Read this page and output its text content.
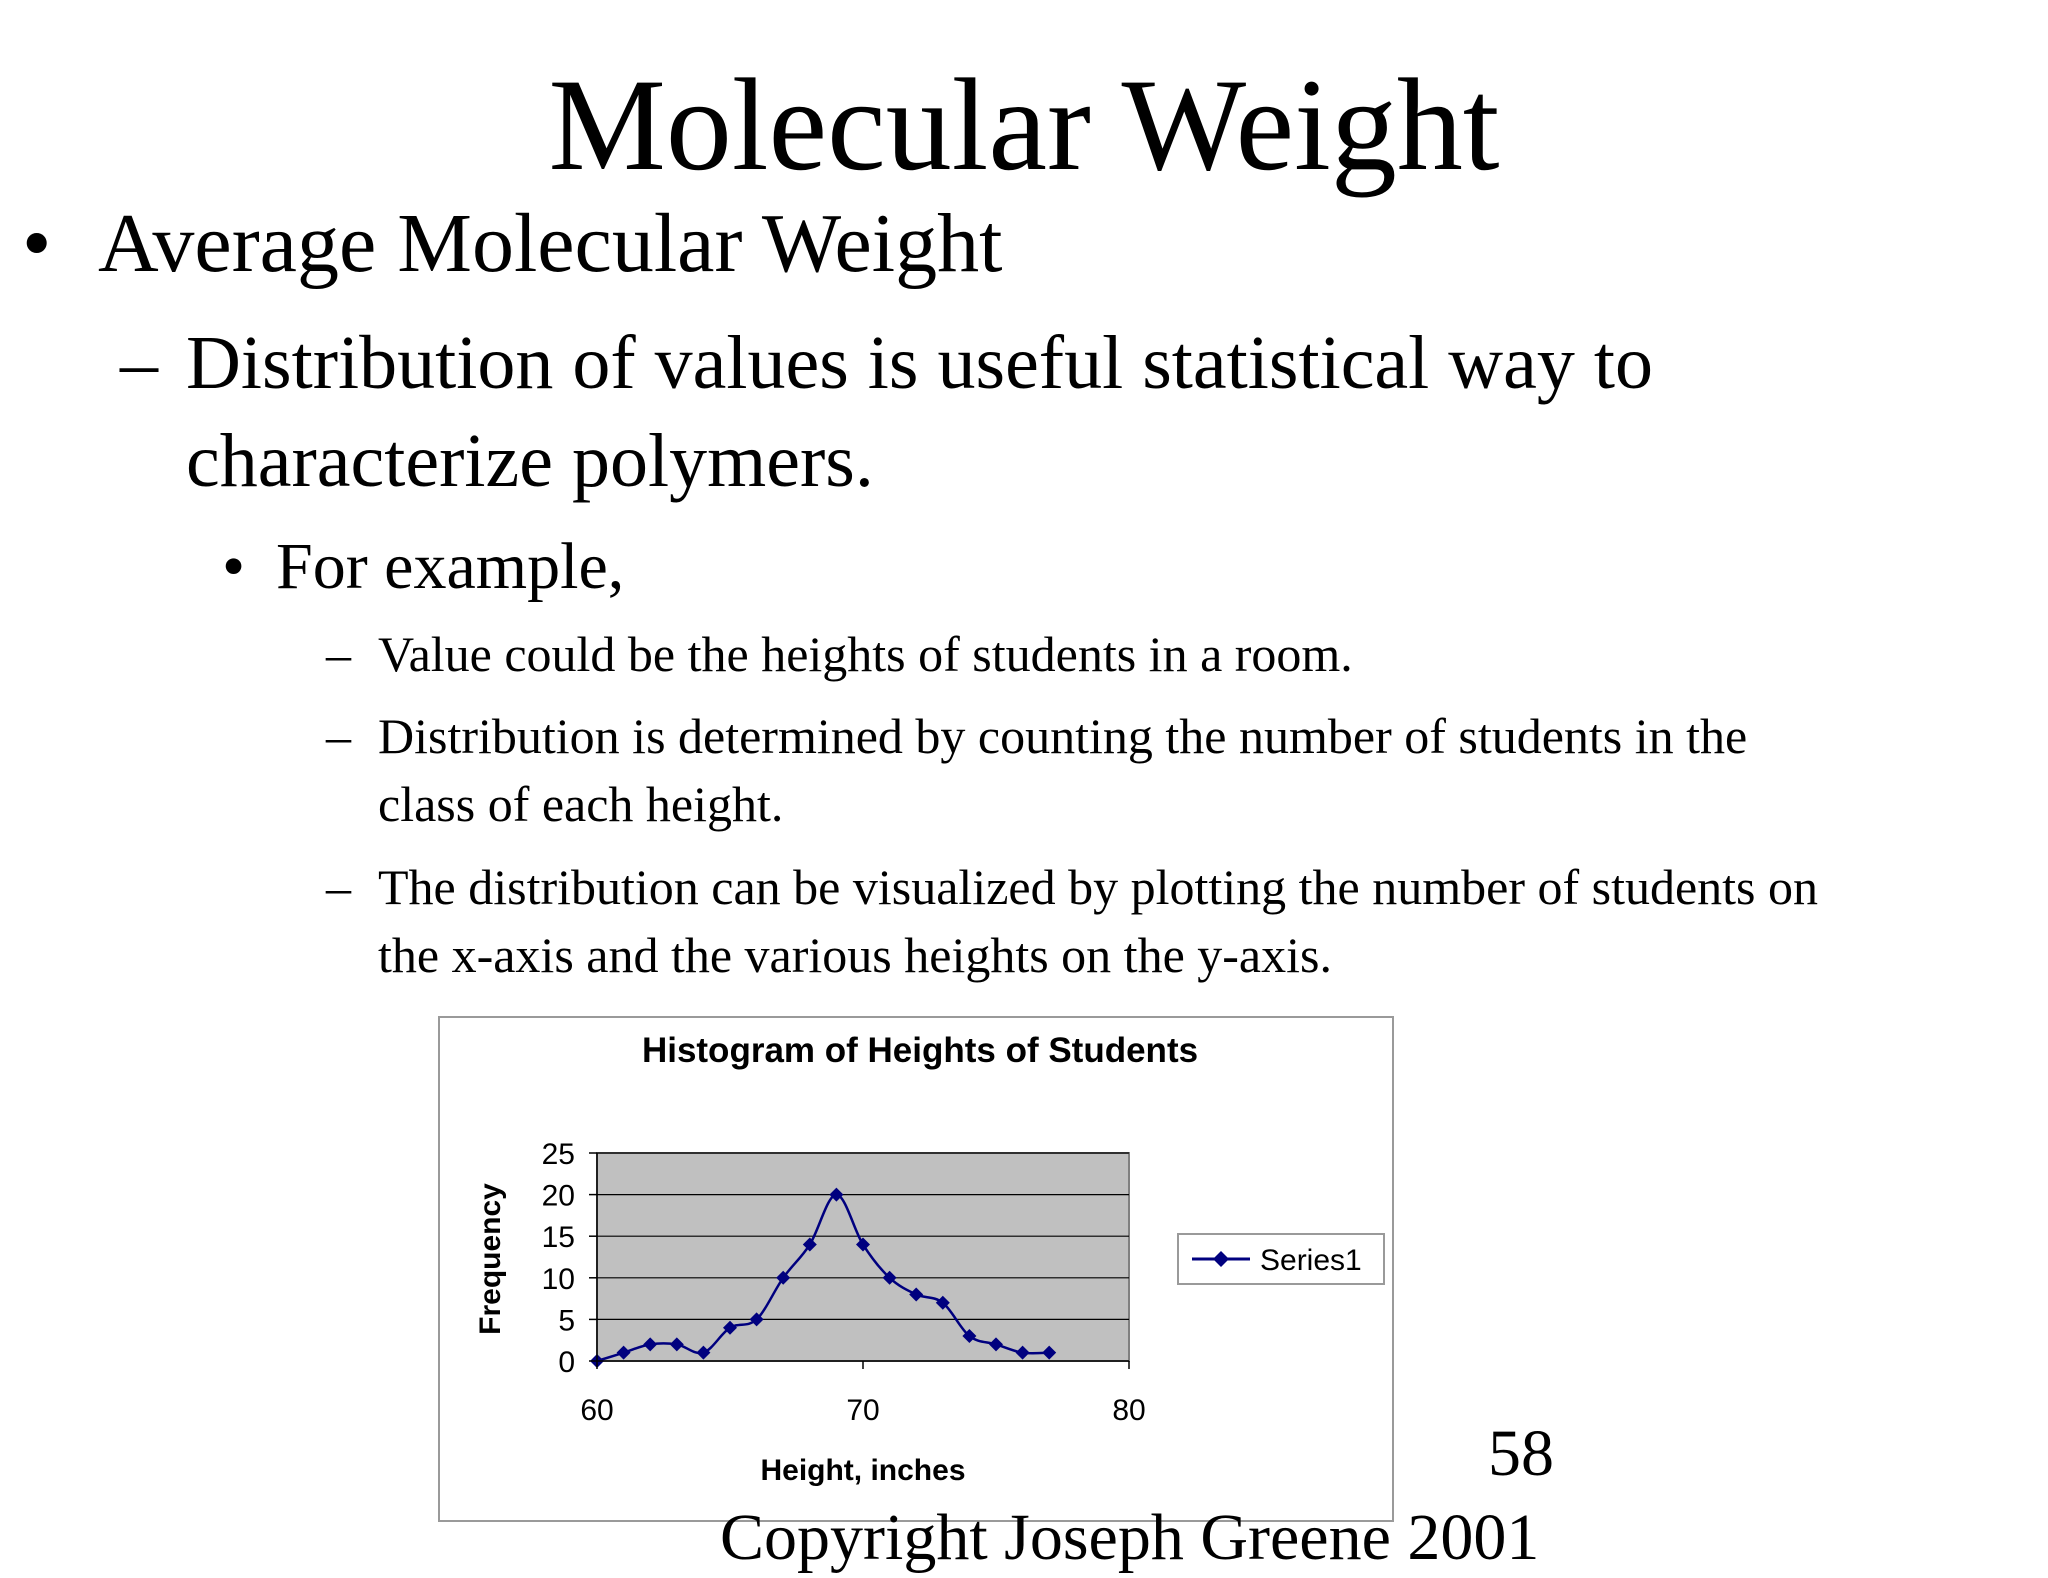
Molecular Weight
• Average Molecular Weight
– Distribution of values is useful statistical way to
characterize polymers.
• For example,
– Value could be the heights of students in a room.
– Distribution is determined by counting the number of students in the
class of each height.
– The distribution can be visualized by plotting the number of students on
the x-axis and the various heights on the y-axis.
Histogram of Heights of Students
Frequency
Height, inches
0
5
10
15
20
25
60	70	80
Series1
58
Copyright Joseph Greene 2001
